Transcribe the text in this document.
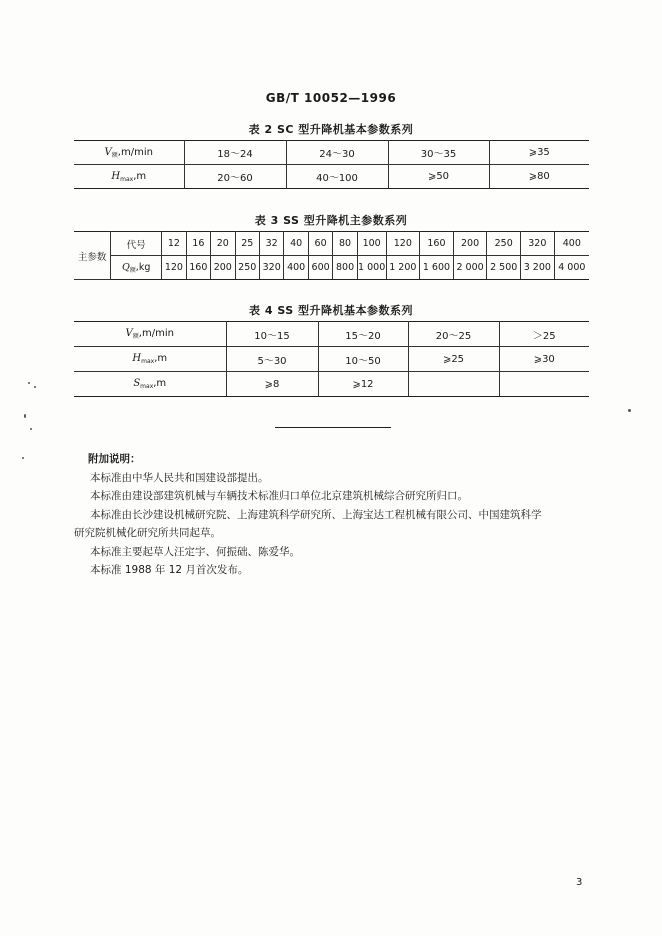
GB/T 10052—1996
表 2 SC 型升降机基本参数系列
$V_额,m/\min$	18～24	24～30	30～35	⩾35
$H_{max},m$	20～60	40～100	⩾50	⩾80
表 3 SS 型升降机主参数系列
主参数	代号	12	16	20	25	32	40	60	80	100	120	160	200	250	320	400
	$Q_额,kg$	120	160	200	250	320	400	600	800	1 000	1 200	1 600	2 000	2 500	3 200	4 000
表 4 SS 型升降机基本参数系列
$V_额,m/\min$	10～15	15～20	20～25	＞25
$H_{max},m$	5～30	10～50	⩾25	⩾30
$S_{max},m$	⩾8	⩾12		

附加说明：

本标准由中华人民共和国建设部提出。

本标准由建设部建筑机械与车辆技术标准归口单位北京建筑机械综合研究所归口。

本标准由长沙建设机械研究院、上海建筑科学研究所、上海宝达工程机械有限公司、中国建筑科学

研究院机械化研究所共同起草。

本标准主要起草人汪定宇、何振础、陈爱华。

本标准 1988 年 12 月首次发布。

3
